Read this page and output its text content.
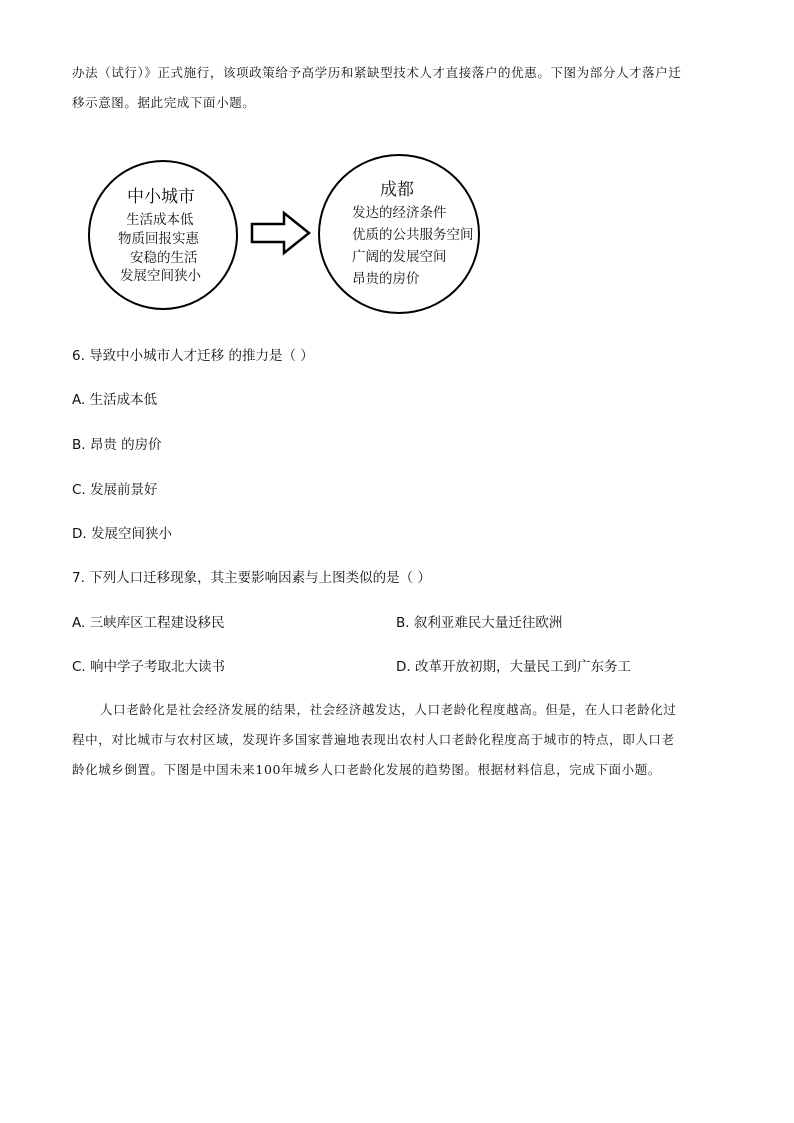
办法（试行）》正式施行，该项政策给予高学历和紧缺型技术人才直接落户的优惠。下图为部分人才落户迁
移示意图。据此完成下面小题。
中小城市
生活成本低
物质回报实惠
安稳的生活
发展空间狭小
成都
发达的经济条件
优质的公共服务空间
广阔的发展空间
昂贵的房价
6. 导致中小城市人才迁移 的推力是（ ）
A. 生活成本低
B. 昂贵 的房价
C. 发展前景好
D. 发展空间狭小
7. 下列人口迁移现象，其主要影响因素与上图类似的是（ ）
A. 三峡库区工程建设移民	B. 叙利亚难民大量迁往欧洲
C. 响中学子考取北大读书	D. 改革开放初期，大量民工到广东务工
人口老龄化是社会经济发展的结果，社会经济越发达，人口老龄化程度越高。但是，在人口老龄化过
程中，对比城市与农村区域，发现许多国家普遍地表现出农村人口老龄化程度高于城市的特点，即人口老
龄化城乡倒置。下图是中国未来100年城乡人口老龄化发展的趋势图。根据材料信息，完成下面小题。
